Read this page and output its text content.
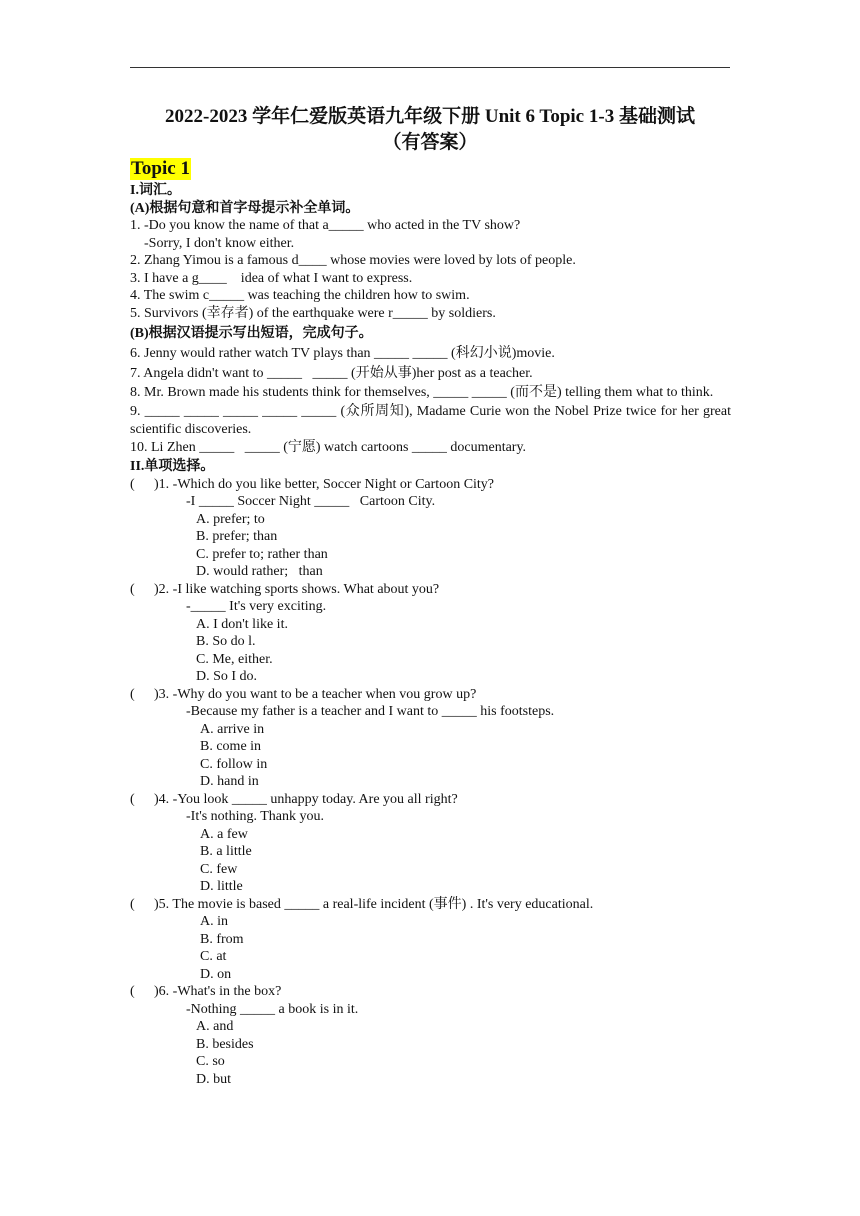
2022-2023 学年仁爱版英语九年级下册 Unit 6 Topic 1-3 基础测试
（有答案）
Topic 1
I.词汇。
(A)根据句意和首字母提示补全单词。
1. -Do you know the name of that a_____ who acted in the TV show?
-Sorry, I don't know either.
2. Zhang Yimou is a famous d____ whose movies were loved by lots of people.
3. I have a g____    idea of what I want to express.
4. The swim c_____ was teaching the children how to swim.
5. Survivors (幸存者) of the earthquake were r_____ by soldiers.
(B)根据汉语提示写出短语，完成句子。
6. Jenny would rather watch TV plays than _____ _____ (科幻小说)movie.
7. Angela didn't want to _____   _____ (开始从事)her post as a teacher.
8. Mr. Brown made his students think for themselves, _____ _____ (而不是) telling them what to think.
9. _____ _____ _____ _____ _____ (众所周知), Madame Curie won the Nobel Prize twice for her great scientific discoveries.
10. Li Zhen _____   _____ (宁愿) watch cartoons _____ documentary.
II.单项选择。
( )1. -Which do you like better, Soccer Night or Cartoon City?
-I _____ Soccer Night _____   Cartoon City.
A. prefer; to
B. prefer; than
C. prefer to; rather than
D. would rather;   than
( )2. -I like watching sports shows. What about you?
-_____ It's very exciting.
A. I don't like it.
B. So do l.
C. Me, either.
D. So I do.
( )3. -Why do you want to be a teacher when vou grow up?
-Because my father is a teacher and I want to _____ his footsteps.
A. arrive in
B. come in
C. follow in
D. hand in
( )4. -You look _____ unhappy today. Are you all right?
-It's nothing. Thank you.
A. a few
B. a little
C. few
D. little
( )5. The movie is based _____ a real-life incident (事件) . It's very educational.
A. in
B. from
C. at
D. on
( )6. -What's in the box?
-Nothing _____ a book is in it.
A. and
B. besides
C. so
D. but
